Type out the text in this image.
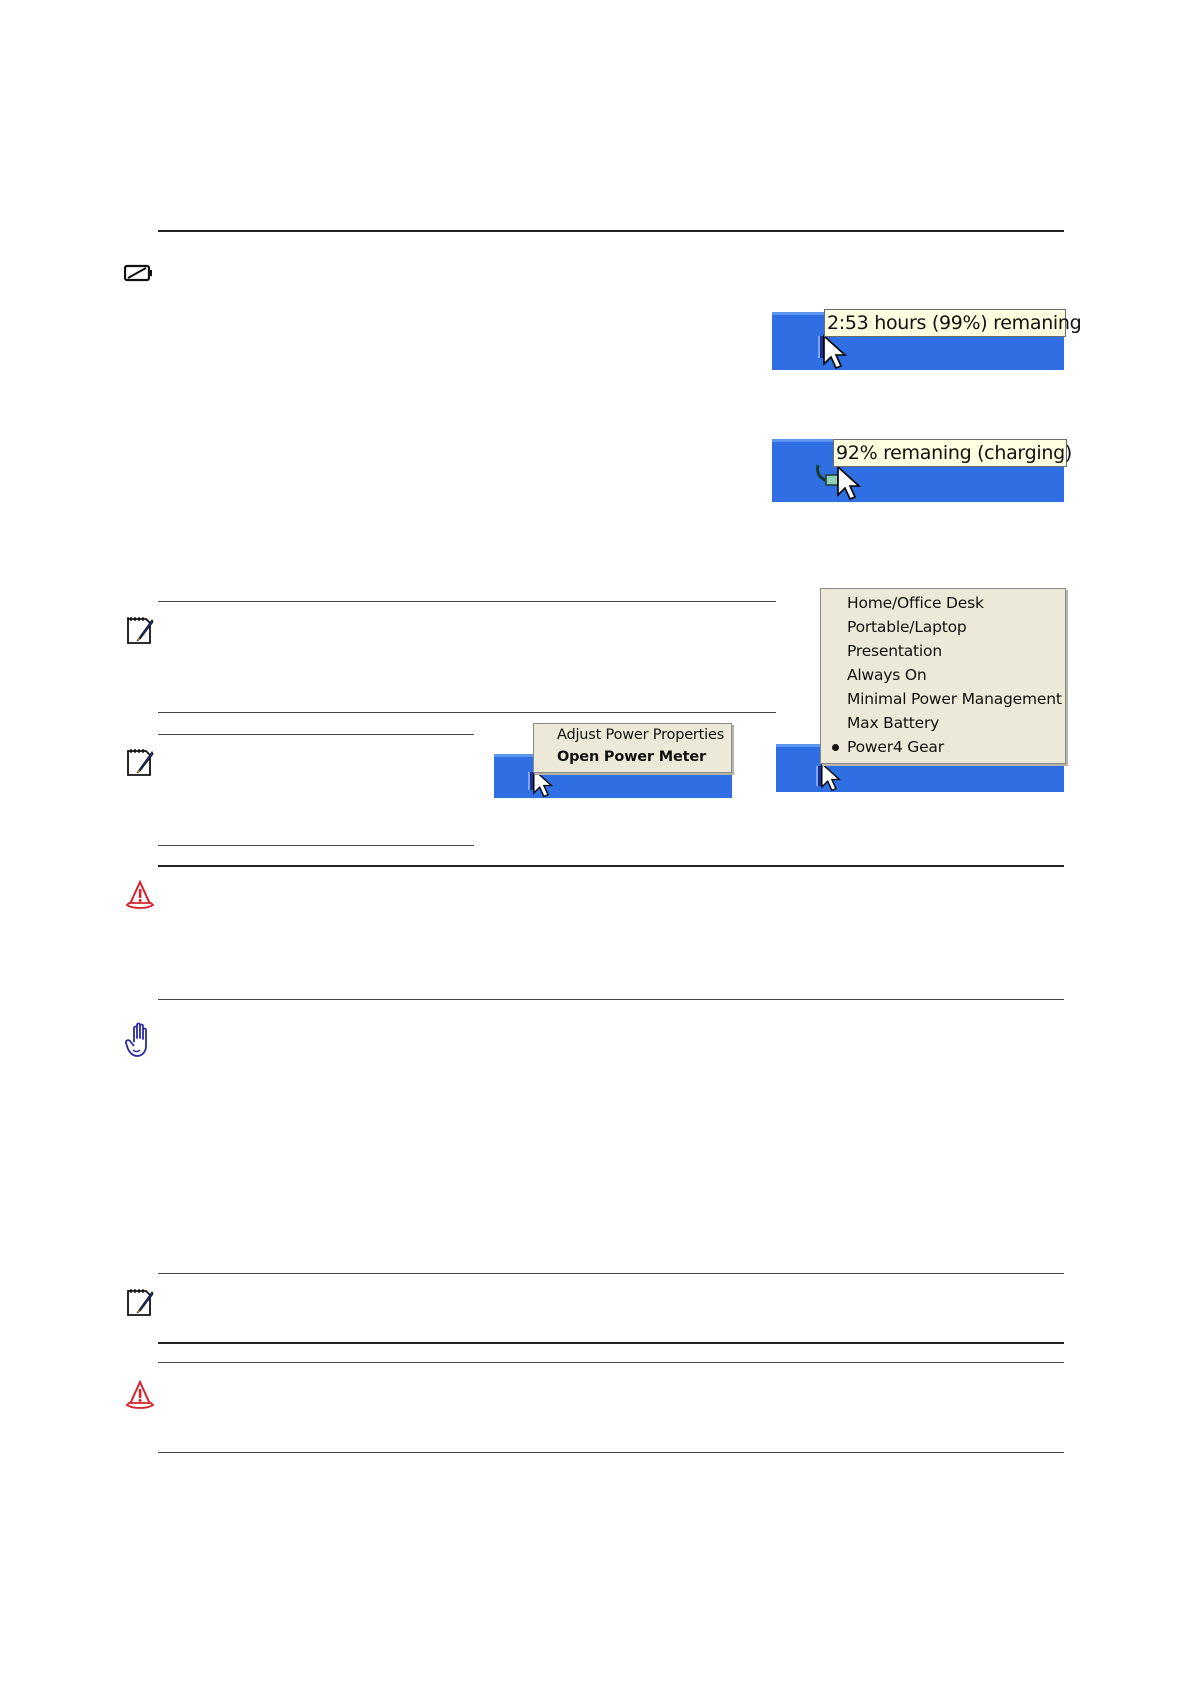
2:53 hours (99%) remaning
92% remaning (charging)
Adjust Power Properties
Open Power Meter
Home/Office Desk
Portable/Laptop
Presentation
Always On
Minimal Power Management
Max Battery
Power4 Gear
